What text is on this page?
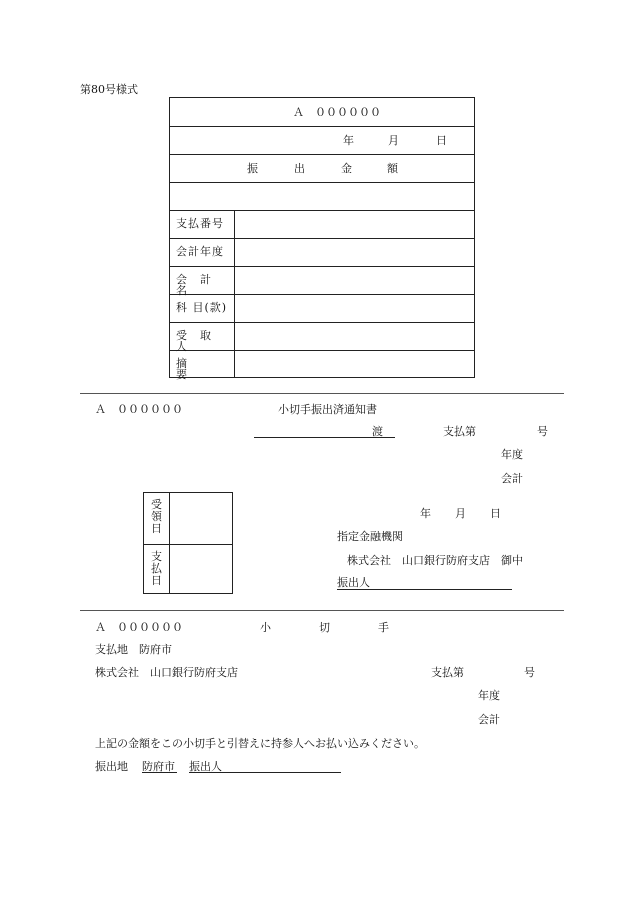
第80号様式
Ａ　００００００
年	月	日
振	出	金	額
支払番号
会計年度
会　計　名
科 目(款)
受　取　人
摘　　　要
Ａ　００００００	小切手振出済通知書
渡	支払第	号
年度
会計
受領日
支払日
年 月 日
指定金融機関
株式会社　山口銀行防府支店　御中
振出人
Ａ　００００００	小	切	手
支払地　防府市
株式会社　山口銀行防府支店	支払第	号
年度
会計
上記の金額をこの小切手と引替えに持参人へお払い込みください。
振出地 防府市 振出人
